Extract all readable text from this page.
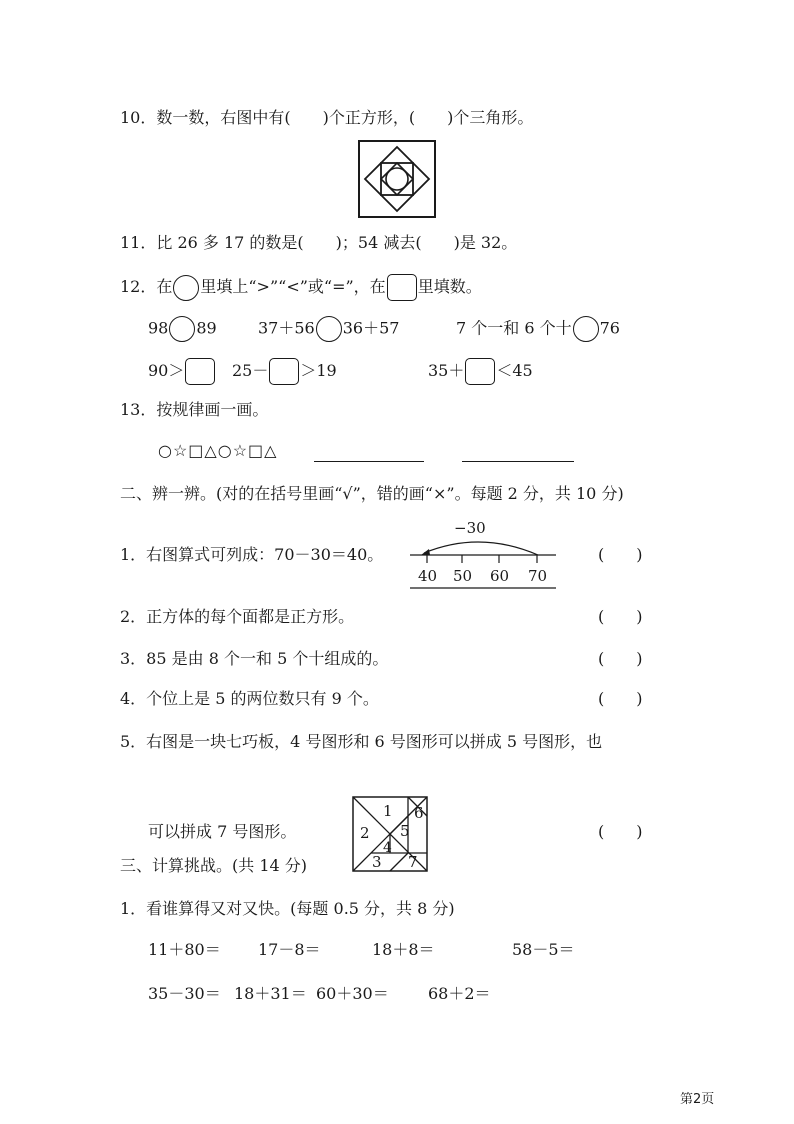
10．数一数，右图中有(　　)个正方形，(　　)个三角形。
11．比 26 多 17 的数是(　　)；54 减去(　　)是 32。
12．在 里填上“>”“<”或“=”，在 里填数。
98 89	37＋56 36＋57	7 个一和 6 个十 76
90＞	25－ ＞19	35＋ ＜45
13．按规律画一画。
○☆□△○☆□△
二、辨一辨。(对的在括号里画“√”，错的画“×”。每题 2 分，共 10 分)
1．右图算式可列成：70－30＝40。
−30
40 50 60 70
(　　)
2．正方体的每个面都是正方形。	(　　)
3．85 是由 8 个一和 5 个十组成的。	(　　)
4．个位上是 5 的两位数只有 9 个。	(　　)
5．右图是一块七巧板，4 号图形和 6 号图形可以拼成 5 号图形，也
可以拼成 7 号图形。
1
2
4
5
6
3 7
(　　)
三、计算挑战。(共 14 分)
1．看谁算得又对又快。(每题 0.5 分，共 8 分)
11＋80＝ 17－8＝	18＋8＝	58－5＝
35－30＝ 18＋31＝ 60＋30＝ 68＋2＝
第2页
